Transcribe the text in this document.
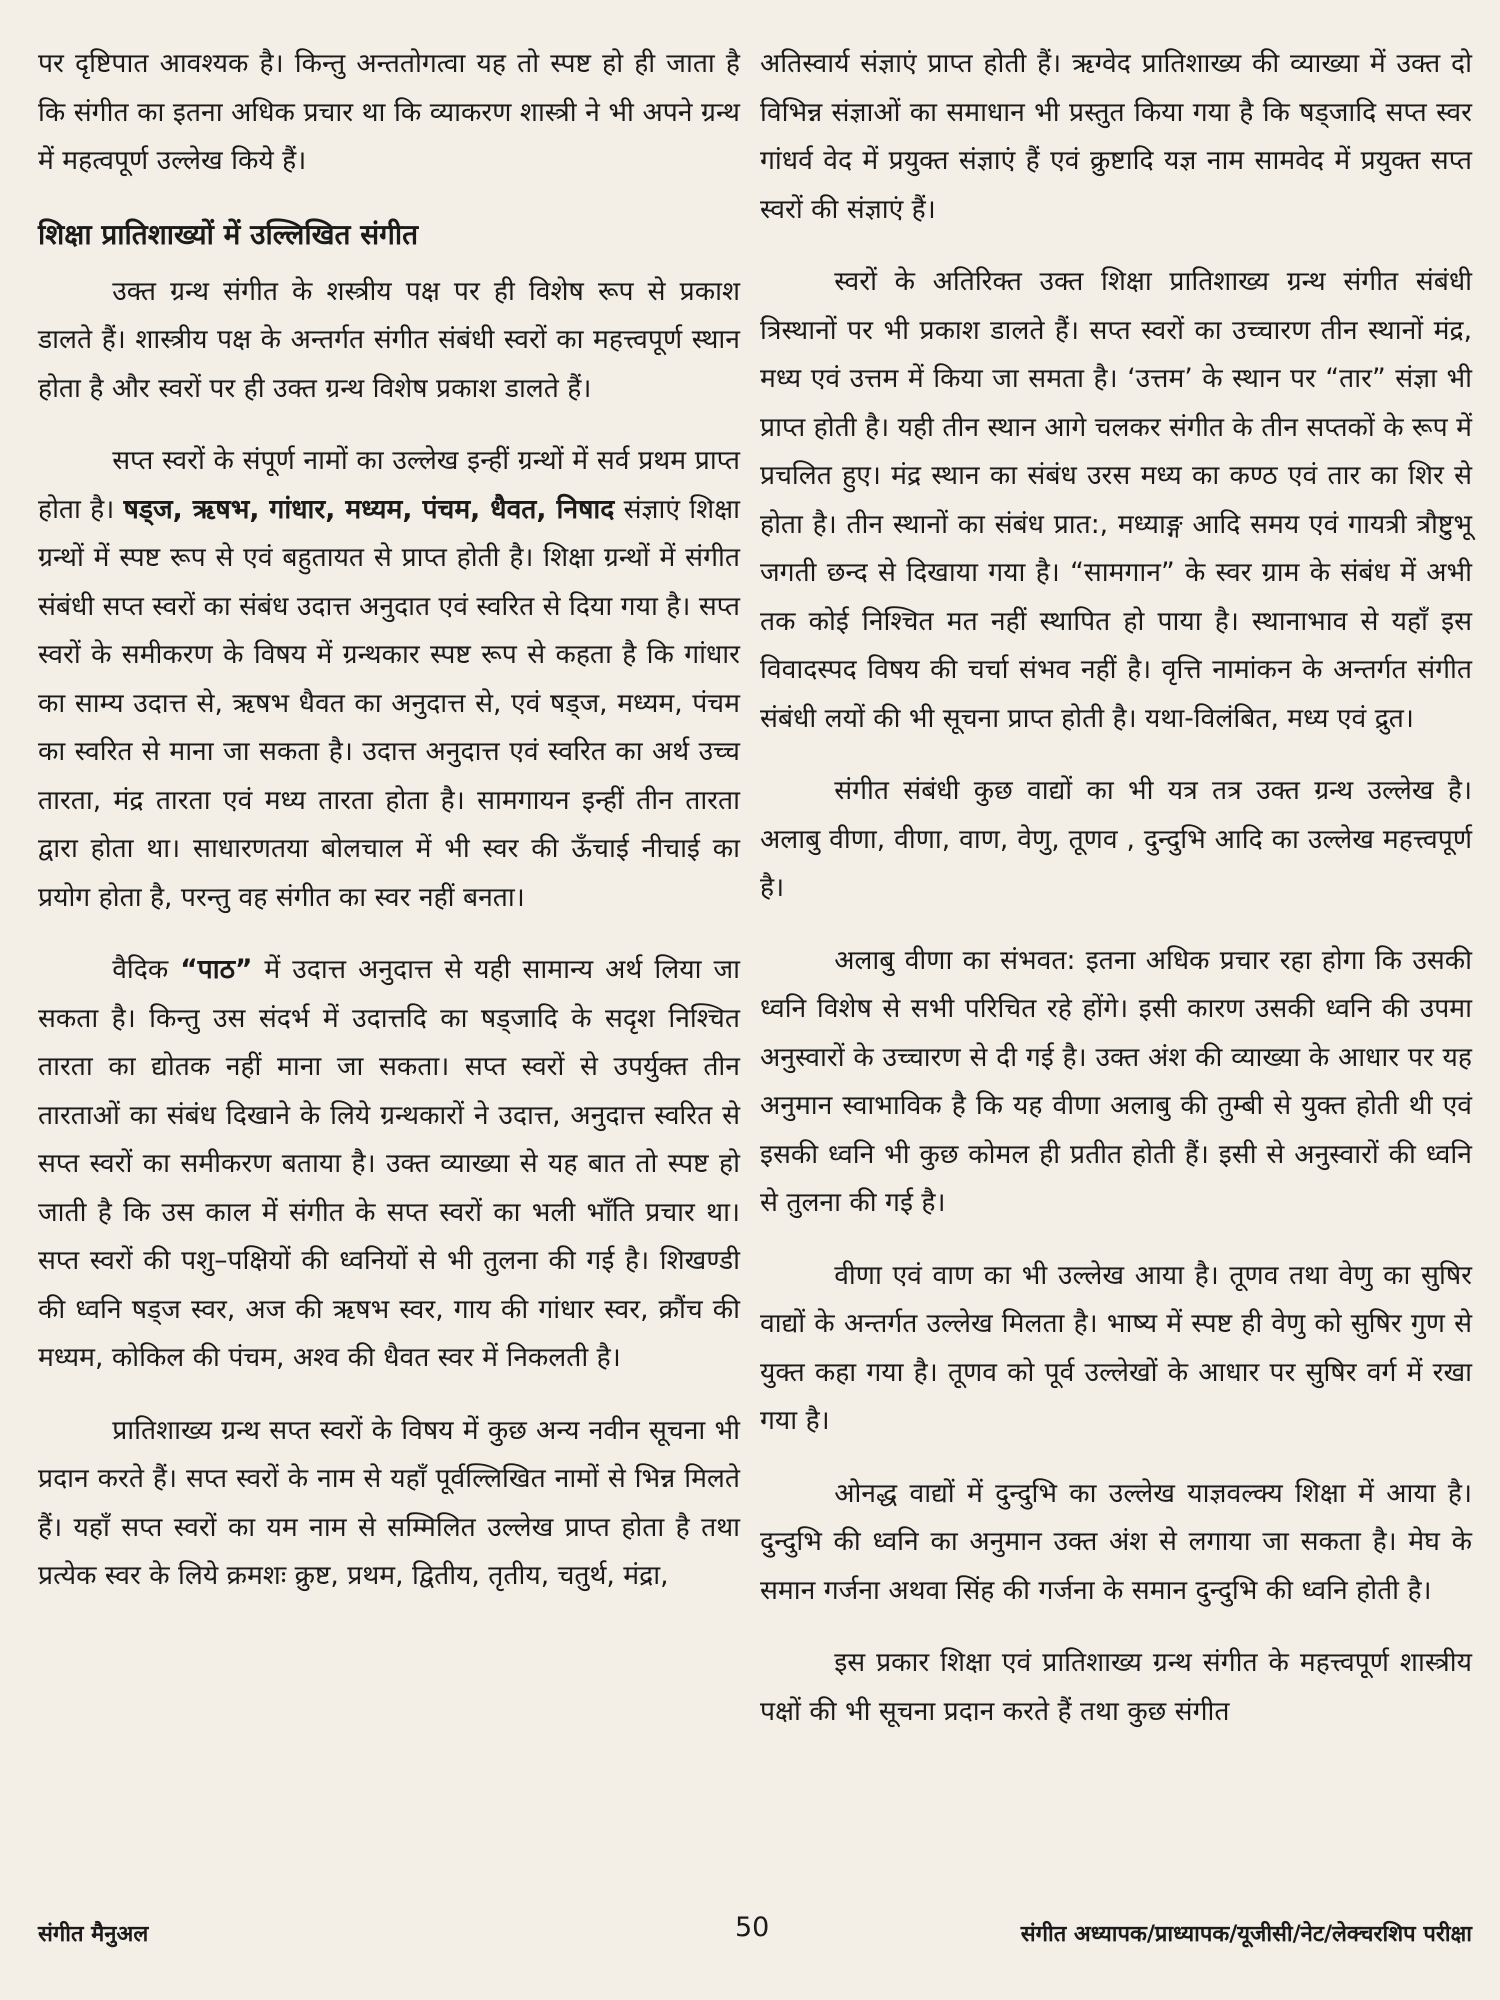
पर दृष्टिपात आवश्यक है। किन्तु अन्ततोगत्वा यह तो स्पष्ट हो ही जाता है कि संगीत का इतना अधिक प्रचार था कि व्याकरण शास्त्री ने भी अपने ग्रन्थ में महत्वपूर्ण उल्लेख किये हैं।

शिक्षा प्रातिशाख्यों में उल्लिखित संगीत

उक्त ग्रन्थ संगीत के शस्त्रीय पक्ष पर ही विशेष रूप से प्रकाश डालते हैं। शास्त्रीय पक्ष के अन्तर्गत संगीत संबंधी स्वरों का महत्त्वपूर्ण स्थान होता है और स्वरों पर ही उक्त ग्रन्थ विशेष प्रकाश डालते हैं।

सप्त स्वरों के संपूर्ण नामों का उल्लेख इन्हीं ग्रन्थों में सर्व प्रथम प्राप्त होता है। षड्ज, ऋषभ, गांधार, मध्यम, पंचम, धैवत, निषाद संज्ञाएं शिक्षा ग्रन्थों में स्पष्ट रूप से एवं बहुतायत से प्राप्त होती है। शिक्षा ग्रन्थों में संगीत संबंधी सप्त स्वरों का संबंध उदात्त अनुदात एवं स्वरित से दिया गया है। सप्त स्वरों के समीकरण के विषय में ग्रन्थकार स्पष्ट रूप से कहता है कि गांधार का साम्य उदात्त से, ऋषभ धैवत का अनुदात्त से, एवं षड्ज, मध्यम, पंचम का स्वरित से माना जा सकता है। उदात्त अनुदात्त एवं स्वरित का अर्थ उच्च तारता, मंद्र तारता एवं मध्य तारता होता है। सामगायन इन्हीं तीन तारता द्वारा होता था। साधारणतया बोलचाल में भी स्वर की ऊँचाई नीचाई का प्रयोग होता है, परन्तु वह संगीत का स्वर नहीं बनता।

वैदिक “पाठ” में उदात्त अनुदात्त से यही सामान्य अर्थ लिया जा सकता है। किन्तु उस संदर्भ में उदात्तदि का षड्जादि के सदृश निश्चित तारता का द्योतक नहीं माना जा सकता। सप्त स्वरों से उपर्युक्त तीन तारताओं का संबंध दिखाने के लिये ग्रन्थकारों ने उदात्त, अनुदात्त स्वरित से सप्त स्वरों का समीकरण बताया है। उक्त व्याख्या से यह बात तो स्पष्ट हो जाती है कि उस काल में संगीत के सप्त स्वरों का भली भाँति प्रचार था। सप्त स्वरों की पशु–पक्षियों की ध्वनियों से भी तुलना की गई है। शिखण्डी की ध्वनि षड्ज स्वर, अज की ऋषभ स्वर, गाय की गांधार स्वर, क्रौंच की मध्यम, कोकिल की पंचम, अश्व की धैवत स्वर में निकलती है।

प्रातिशाख्य ग्रन्थ सप्त स्वरों के विषय में कुछ अन्य नवीन सूचना भी प्रदान करते हैं। सप्त स्वरों के नाम से यहाँ पूर्वल्लिखित नामों से भिन्न मिलते हैं। यहाँ सप्त स्वरों का यम नाम से सम्मिलित उल्लेख प्राप्त होता है तथा प्रत्येक स्वर के लिये क्रमशः क्रुष्ट, प्रथम, द्वितीय, तृतीय, चतुर्थ, मंद्रा,

अतिस्वार्य संज्ञाएं प्राप्त होती हैं। ऋग्वेद प्रातिशाख्य की व्याख्या में उक्त दो विभिन्न संज्ञाओं का समाधान भी प्रस्तुत किया गया है कि षड्जादि सप्त स्वर गांधर्व वेद में प्रयुक्त संज्ञाएं हैं एवं क्रुष्टादि यज्ञ नाम सामवेद में प्रयुक्त सप्त स्वरों की संज्ञाएं हैं।

स्वरों के अतिरिक्त उक्त शिक्षा प्रातिशाख्य ग्रन्थ संगीत संबंधी त्रिस्थानों पर भी प्रकाश डालते हैं। सप्त स्वरों का उच्चारण तीन स्थानों मंद्र, मध्य एवं उत्तम में किया जा समता है। ‘उत्तम’ के स्थान पर “तार” संज्ञा भी प्राप्त होती है। यही तीन स्थान आगे चलकर संगीत के तीन सप्तकों के रूप में प्रचलित हुए। मंद्र स्थान का संबंध उरस मध्य का कण्ठ एवं तार का शिर से होता है। तीन स्थानों का संबंध प्रात:, मध्याङ्ग आदि समय एवं गायत्री त्रौष्टुभू जगती छन्द से दिखाया गया है। “सामगान” के स्वर ग्राम के संबंध में अभी तक कोई निश्चित मत नहीं स्थापित हो पाया है। स्थानाभाव से यहाँ इस विवादस्पद विषय की चर्चा संभव नहीं है। वृत्ति नामांकन के अन्तर्गत संगीत संबंधी लयों की भी सूचना प्राप्त होती है। यथा-विलंबित, मध्य एवं द्रुत।

संगीत संबंधी कुछ वाद्यों का भी यत्र तत्र उक्त ग्रन्थ उल्लेख है। अलाबु वीणा, वीणा, वाण, वेणु, तूणव , दुन्दुभि आदि का उल्लेख महत्त्वपूर्ण है।

अलाबु वीणा का संभवत: इतना अधिक प्रचार रहा होगा कि उसकी ध्वनि विशेष से सभी परिचित रहे होंगे। इसी कारण उसकी ध्वनि की उपमा अनुस्वारों के उच्चारण से दी गई है। उक्त अंश की व्याख्या के आधार पर यह अनुमान स्वाभाविक है कि यह वीणा अलाबु की तुम्बी से युक्त होती थी एवं इसकी ध्वनि भी कुछ कोमल ही प्रतीत होती हैं। इसी से अनुस्वारों की ध्वनि से तुलना की गई है।

वीणा एवं वाण का भी उल्लेख आया है। तूणव तथा वेणु का सुषिर वाद्यों के अन्तर्गत उल्लेख मिलता है। भाष्य में स्पष्ट ही वेणु को सुषिर गुण से युक्त कहा गया है। तूणव को पूर्व उल्लेखों के आधार पर सुषिर वर्ग में रखा गया है।

ओनद्ध वाद्यों में दुन्दुभि का उल्लेख याज्ञवल्क्य शिक्षा में आया है। दुन्दुभि की ध्वनि का अनुमान उक्त अंश से लगाया जा सकता है। मेघ के समान गर्जना अथवा सिंह की गर्जना के समान दुन्दुभि की ध्वनि होती है।

इस प्रकार शिक्षा एवं प्रातिशाख्य ग्रन्थ संगीत के महत्त्वपूर्ण शास्त्रीय पक्षों की भी सूचना प्रदान करते हैं तथा कुछ संगीत

संगीत मैनुअल	50	संगीत अध्यापक/प्राध्यापक/यूजीसी/नेट/लेक्चरशिप परीक्षा
